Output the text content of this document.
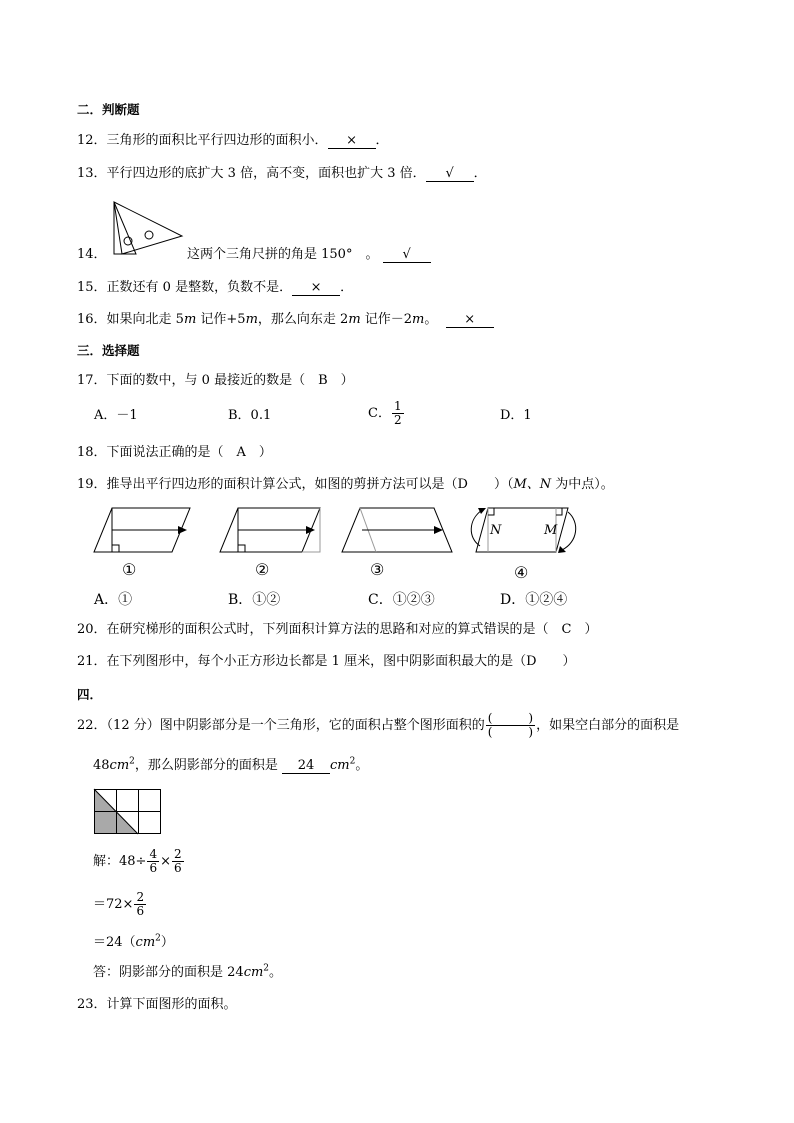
二．判断题
12．三角形的面积比平行四边形的面积小． × ．
13．平行四边形的底扩大 3 倍，高不变，面积也扩大 3 倍． √ ．
14．	这两个三角尺拼的角是 150°　。 √
15．正数还有 0 是整数，负数不是． × ．
16．如果向北走 5m 记作+5m，那么向东走 2m 记作－2m。 ×
三．选择题
17．下面的数中，与 0 最接近的数是（　B　）
A．－1	B．0.1	C． $\frac{1}{2}$	D．1
18．下面说法正确的是（　A　）
19．推导出平行四边形的面积计算公式，如图的剪拼方法可以是（D　　）（M、N 为中点）。
N	M
①	②	③	④
A．①	B．①②	C．①②③	D．①②④
20．在研究梯形的面积公式时，下列面积计算方法的思路和对应的算式错误的是（　C　）
21．在下列图形中，每个小正方形边长都是 1 厘米，图中阴影面积最大的是（D　　）
四．
22．（12 分）图中阴影部分是一个三角形，它的面积占整个图形面积的 $\frac{( )}{( )}$ ，如果空白部分的面积是
$48cm^2$，那么阴影部分的面积是 24 $cm^2$。
解：$48\div \frac{4}{6} \times \frac{2}{6}$
$=72\times \frac{2}{6}$
$=24(cm^2)$
答：阴影部分的面积是 $24cm^2$。
23．计算下面图形的面积。
